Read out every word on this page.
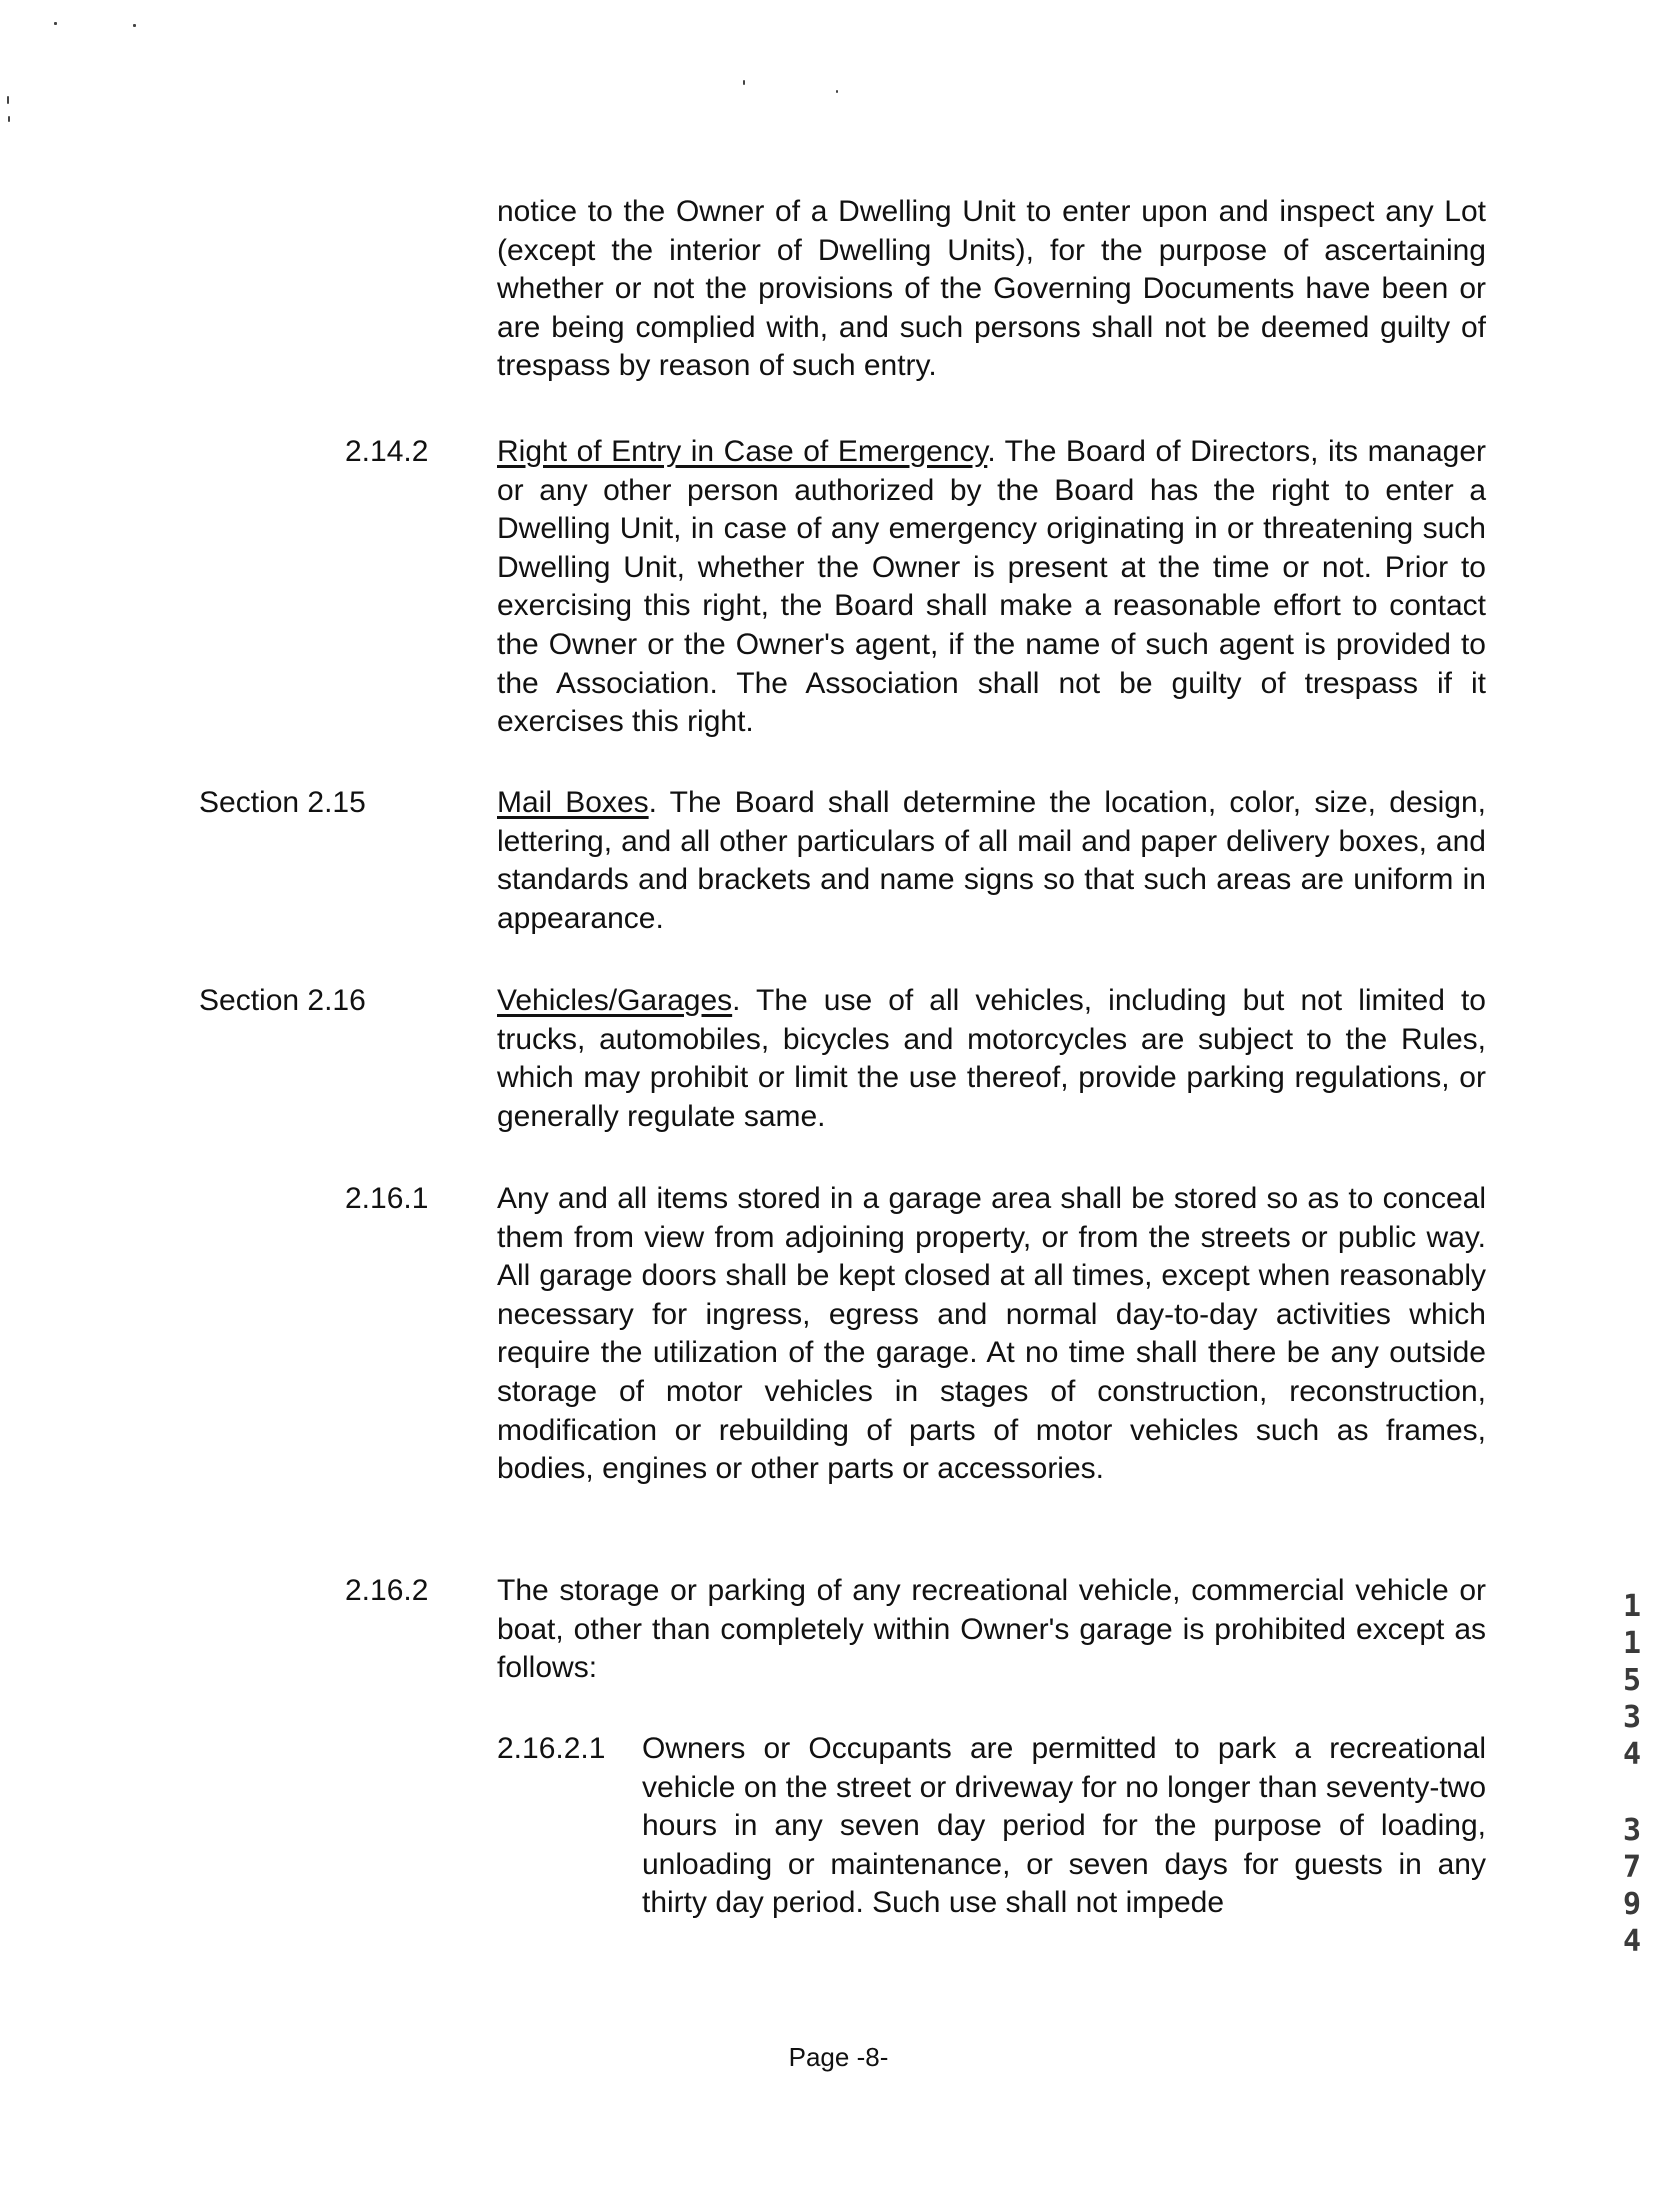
notice to the Owner of a Dwelling Unit to enter upon and inspect any Lot (except the interior of Dwelling Units), for the purpose of ascertaining whether or not the provisions of the Governing Documents have been or are being complied with, and such persons shall not be deemed guilty of trespass by reason of such entry.

2.14.2 Right of Entry in Case of Emergency. The Board of Directors, its manager or any other person authorized by the Board has the right to enter a Dwelling Unit, in case of any emergency originating in or threatening such Dwelling Unit, whether the Owner is present at the time or not. Prior to exercising this right, the Board shall make a reasonable effort to contact the Owner or the Owner's agent, if the name of such agent is provided to the Association. The Association shall not be guilty of trespass if it exercises this right.

Section 2.15	Mail Boxes. The Board shall determine the location, color, size, design, lettering, and all other particulars of all mail and paper delivery boxes, and standards and brackets and name signs so that such areas are uniform in appearance.

Section 2.16	Vehicles/Garages. The use of all vehicles, including but not limited to trucks, automobiles, bicycles and motorcycles are subject to the Rules, which may prohibit or limit the use thereof, provide parking regulations, or generally regulate same.

2.16.1 Any and all items stored in a garage area shall be stored so as to conceal them from view from adjoining property, or from the streets or public way. All garage doors shall be kept closed at all times, except when reasonably necessary for ingress, egress and normal day-to-day activities which require the utilization of the garage. At no time shall there be any outside storage of motor vehicles in stages of construction, reconstruction, modification or rebuilding of parts of motor vehicles such as frames, bodies, engines or other parts or accessories.

2.16.2 The storage or parking of any recreational vehicle, commercial vehicle or boat, other than completely within Owner's garage is prohibited except as follows:

2.16.2.1 Owners or Occupants are permitted to park a recreational vehicle on the street or driveway for no longer than seventy-two hours in any seven day period for the purpose of loading, unloading or maintenance, or seven days for guests in any thirty day period. Such use shall not impede

1
1
5
3
4
3
7
9
4
Page -8-
